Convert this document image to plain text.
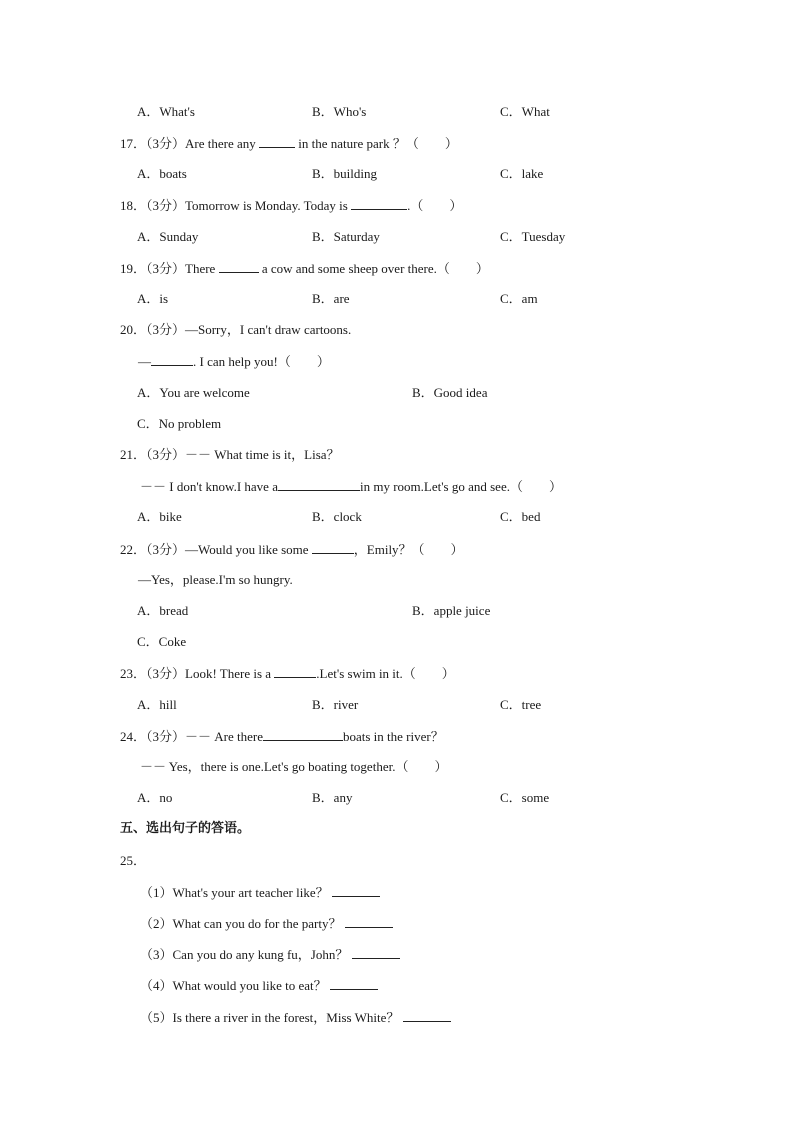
A．What's	B．Who's	C．What
17．（3分）Are there any	in the nature park ？（　　）
A．boats	B．building	C．lake
18．（3分）Tomorrow is Monday. Today is	.（　　）
A．Sunday	B．Saturday	C．Tuesday
19．（3分）There	a cow and some sheep over there.（　　）
A．is	B．are	C．am
20．（3分）—Sorry，I can't draw cartoons.
—	. I can help you!（　　）
A．You are welcome	B．Good idea
C．No problem
21．（3分）－－ What time is it，Lisa？
－－ I don't know.I have a	in my room.Let's go and see.（　　）
A．bike	B．clock	C．bed
22．（3分）—Would you like some	，Emily？（　　）
—Yes，please.I'm so hungry.
A．bread	B．apple juice
C．Coke
23．（3分）Look! There is a	.Let's swim in it.（　　）
A．hill	B．river	C．tree
24．（3分）－－ Are there	boats in the river？
－－ Yes，there is one.Let's go boating together.（　　）
A．no	B．any	C．some
五、选出句子的答语。
25．
（1）What's your art teacher like？
（2）What can you do for the party？
（3）Can you do any kung fu，John？
（4）What would you like to eat？
（5）Is there a river in the forest，Miss White？
